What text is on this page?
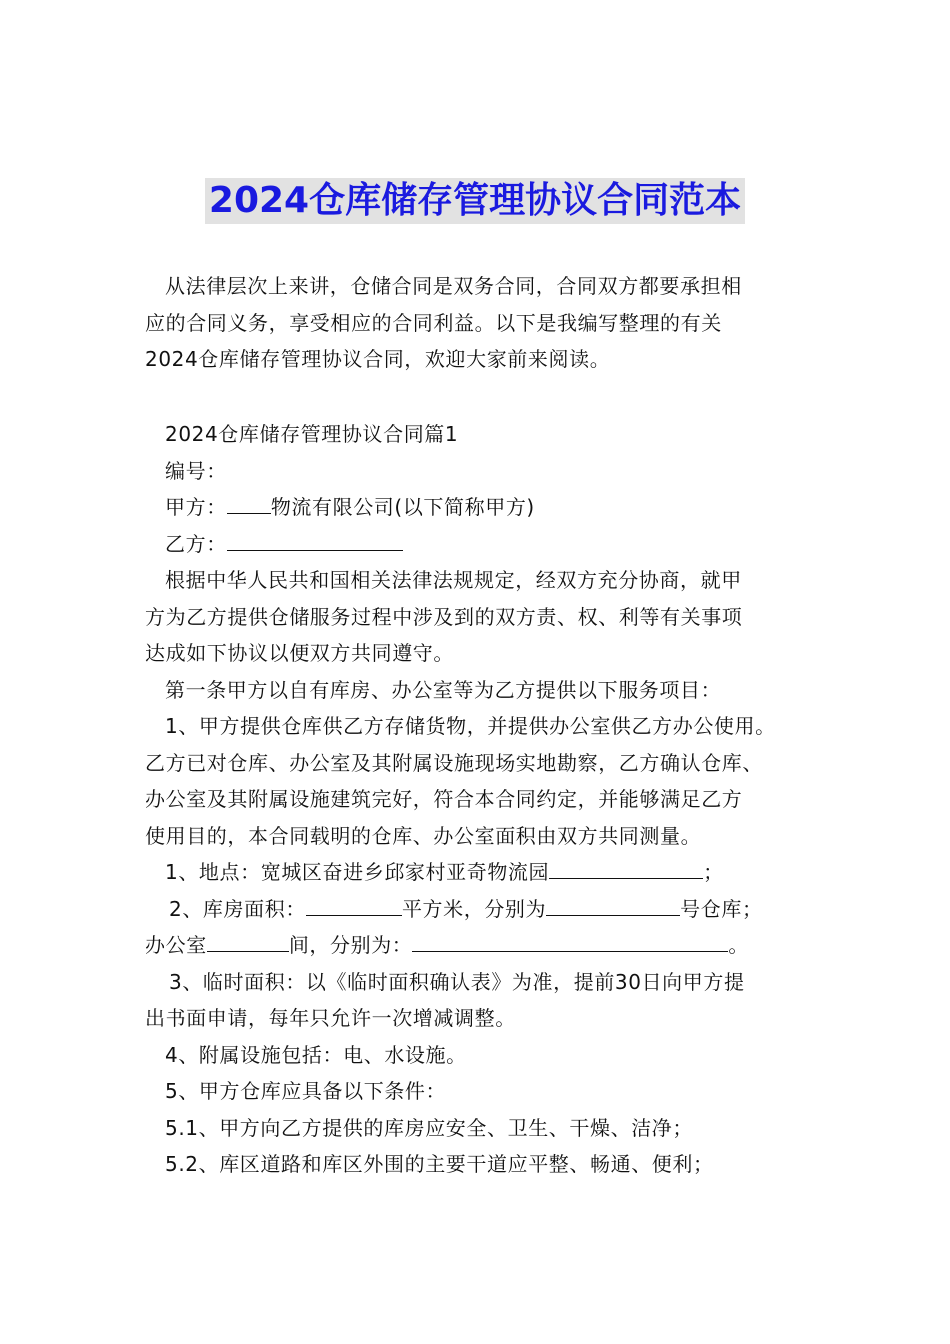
2024仓库储存管理协议合同范本

从法律层次上来讲，仓储合同是双务合同，合同双方都要承担相

应的合同义务，享受相应的合同利益。以下是我编写整理的有关

2024仓库储存管理协议合同，欢迎大家前来阅读。

2024仓库储存管理协议合同篇1

编号：

甲方： 物流有限公司(以下简称甲方)

乙方：

根据中华人民共和国相关法律法规规定，经双方充分协商，就甲

方为乙方提供仓储服务过程中涉及到的双方责、权、利等有关事项

达成如下协议以便双方共同遵守。

第一条甲方以自有库房、办公室等为乙方提供以下服务项目：

1、甲方提供仓库供乙方存储货物，并提供办公室供乙方办公使用。

乙方已对仓库、办公室及其附属设施现场实地勘察，乙方确认仓库、

办公室及其附属设施建筑完好，符合本合同约定，并能够满足乙方

使用目的，本合同载明的仓库、办公室面积由双方共同测量。

1、地点：宽城区奋进乡邱家村亚奇物流园	；

2、库房面积：	平方米，分别为	号仓库；

办公室	间，分别为：	。

3、临时面积：以《临时面积确认表》为准，提前30日向甲方提

出书面申请，每年只允许一次增减调整。

4、附属设施包括：电、水设施。

5、甲方仓库应具备以下条件：

5.1、甲方向乙方提供的库房应安全、卫生、干燥、洁净；

5.2、库区道路和库区外围的主要干道应平整、畅通、便利；
